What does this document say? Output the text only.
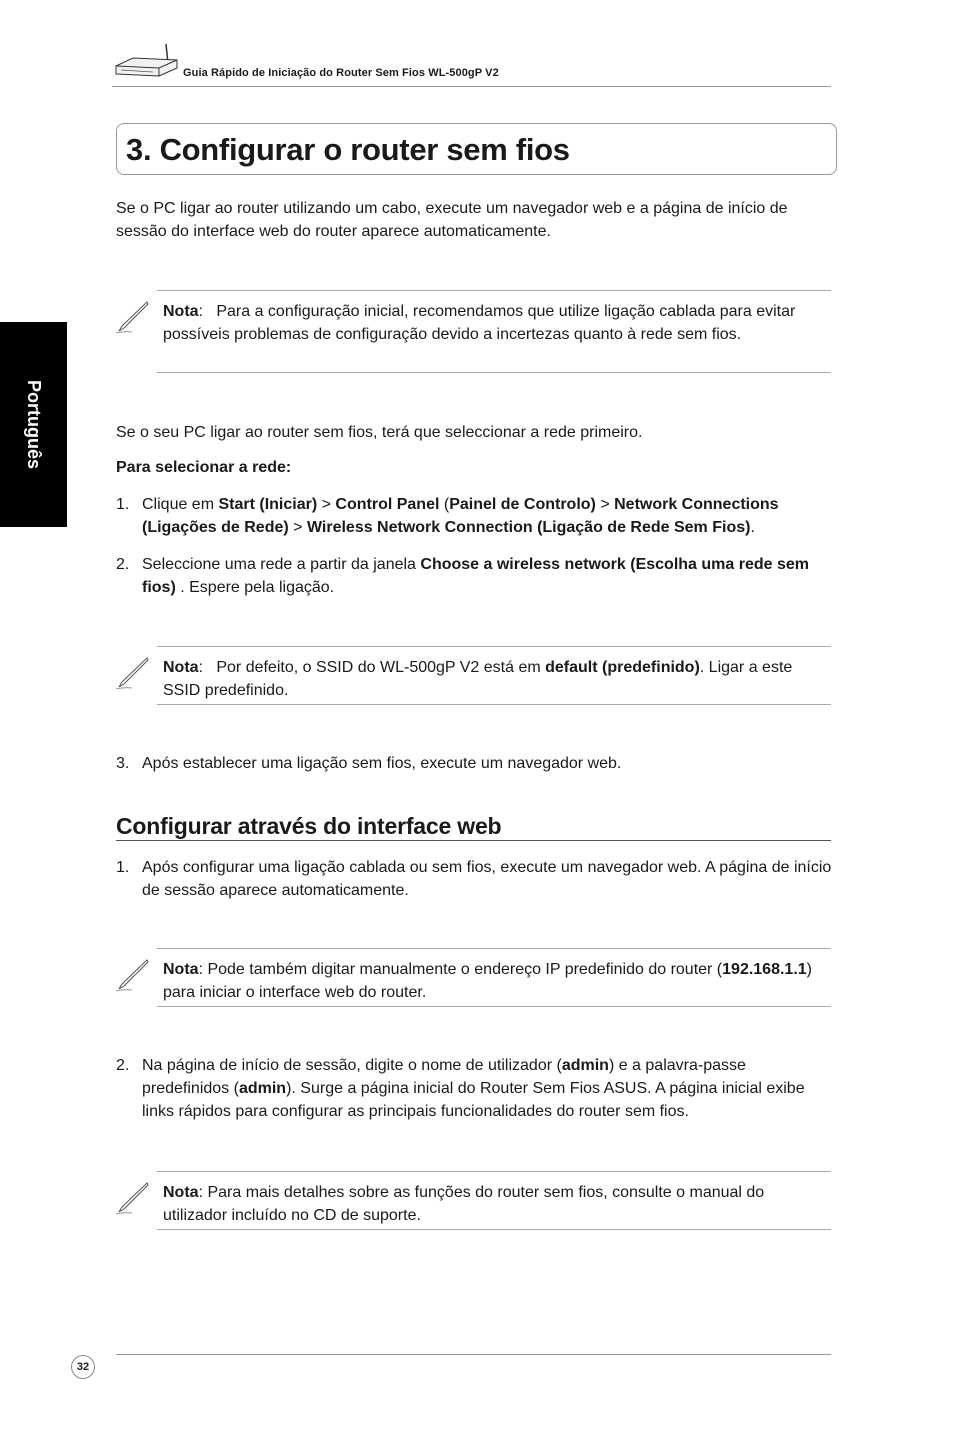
Guia Rápido de Iniciação do Router Sem Fios WL-500gP V2
Português
3. Configurar o router sem fios
Se o PC ligar ao router utilizando um cabo, execute um navegador web e a página de início de sessão do interface web do router aparece automaticamente.
Nota:   Para a configuração inicial, recomendamos que utilize ligação cablada para evitar possíveis problemas de configuração devido a incertezas quanto à rede sem fios.
Se o seu PC ligar ao router sem fios, terá que seleccionar a rede primeiro.
Para selecionar a rede:
1. Clique em Start (Iniciar) > Control Panel (Painel de Controlo) > Network Connections (Ligações de Rede) > Wireless Network Connection (Ligação de Rede Sem Fios).
2. Seleccione uma rede a partir da janela Choose a wireless network (Escolha uma rede sem fios) . Espere pela ligação.
Nota:   Por defeito, o SSID do WL-500gP V2 está em default (predefinido). Ligar a este SSID predefinido.
3. Após establecer uma ligação sem fios, execute um navegador web.
Configurar através do interface web
1. Após configurar uma ligação cablada ou sem fios, execute um navegador web. A página de início de sessão aparece automaticamente.
Nota: Pode também digitar manualmente o endereço IP predefinido do router (192.168.1.1) para iniciar o interface web do router.
2. Na página de início de sessão, digite o nome de utilizador (admin) e a palavra-passe predefinidos (admin). Surge a página inicial do Router Sem Fios ASUS. A página inicial exibe links rápidos para configurar as principais funcionalidades do router sem fios.
Nota: Para mais detalhes sobre as funções do router sem fios, consulte o manual do utilizador incluído no CD de suporte.
32
